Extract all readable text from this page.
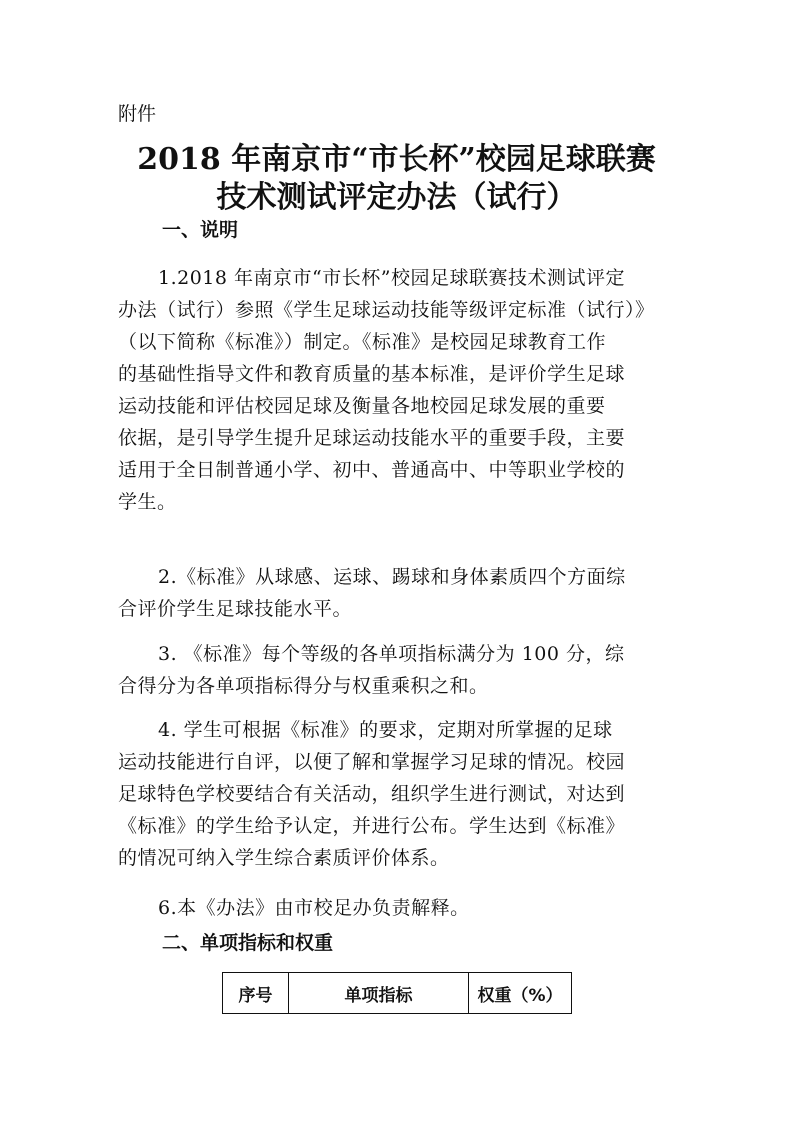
附件
2018 年南京市“市长杯”校园足球联赛
技术测试评定办法（试行）
一、说明
1.2018 年南京市“市长杯”校园足球联赛技术测试评定
办法（试行）参照《学生足球运动技能等级评定标准（试行）》
（以下简称《标准》）制定。《标准》是校园足球教育工作
的基础性指导文件和教育质量的基本标准，是评价学生足球
运动技能和评估校园足球及衡量各地校园足球发展的重要
依据，是引导学生提升足球运动技能水平的重要手段，主要
适用于全日制普通小学、初中、普通高中、中等职业学校的
学生。
2.《标准》从球感、运球、踢球和身体素质四个方面综
合评价学生足球技能水平。
3. 《标准》每个等级的各单项指标满分为 100 分，综
合得分为各单项指标得分与权重乘积之和。
4. 学生可根据《标准》的要求，定期对所掌握的足球
运动技能进行自评，以便了解和掌握学习足球的情况。校园
足球特色学校要结合有关活动，组织学生进行测试，对达到
《标准》的学生给予认定，并进行公布。学生达到《标准》
的情况可纳入学生综合素质评价体系。
6.本《办法》由市校足办负责解释。
二、单项指标和权重
序号	单项指标	权重（%）
